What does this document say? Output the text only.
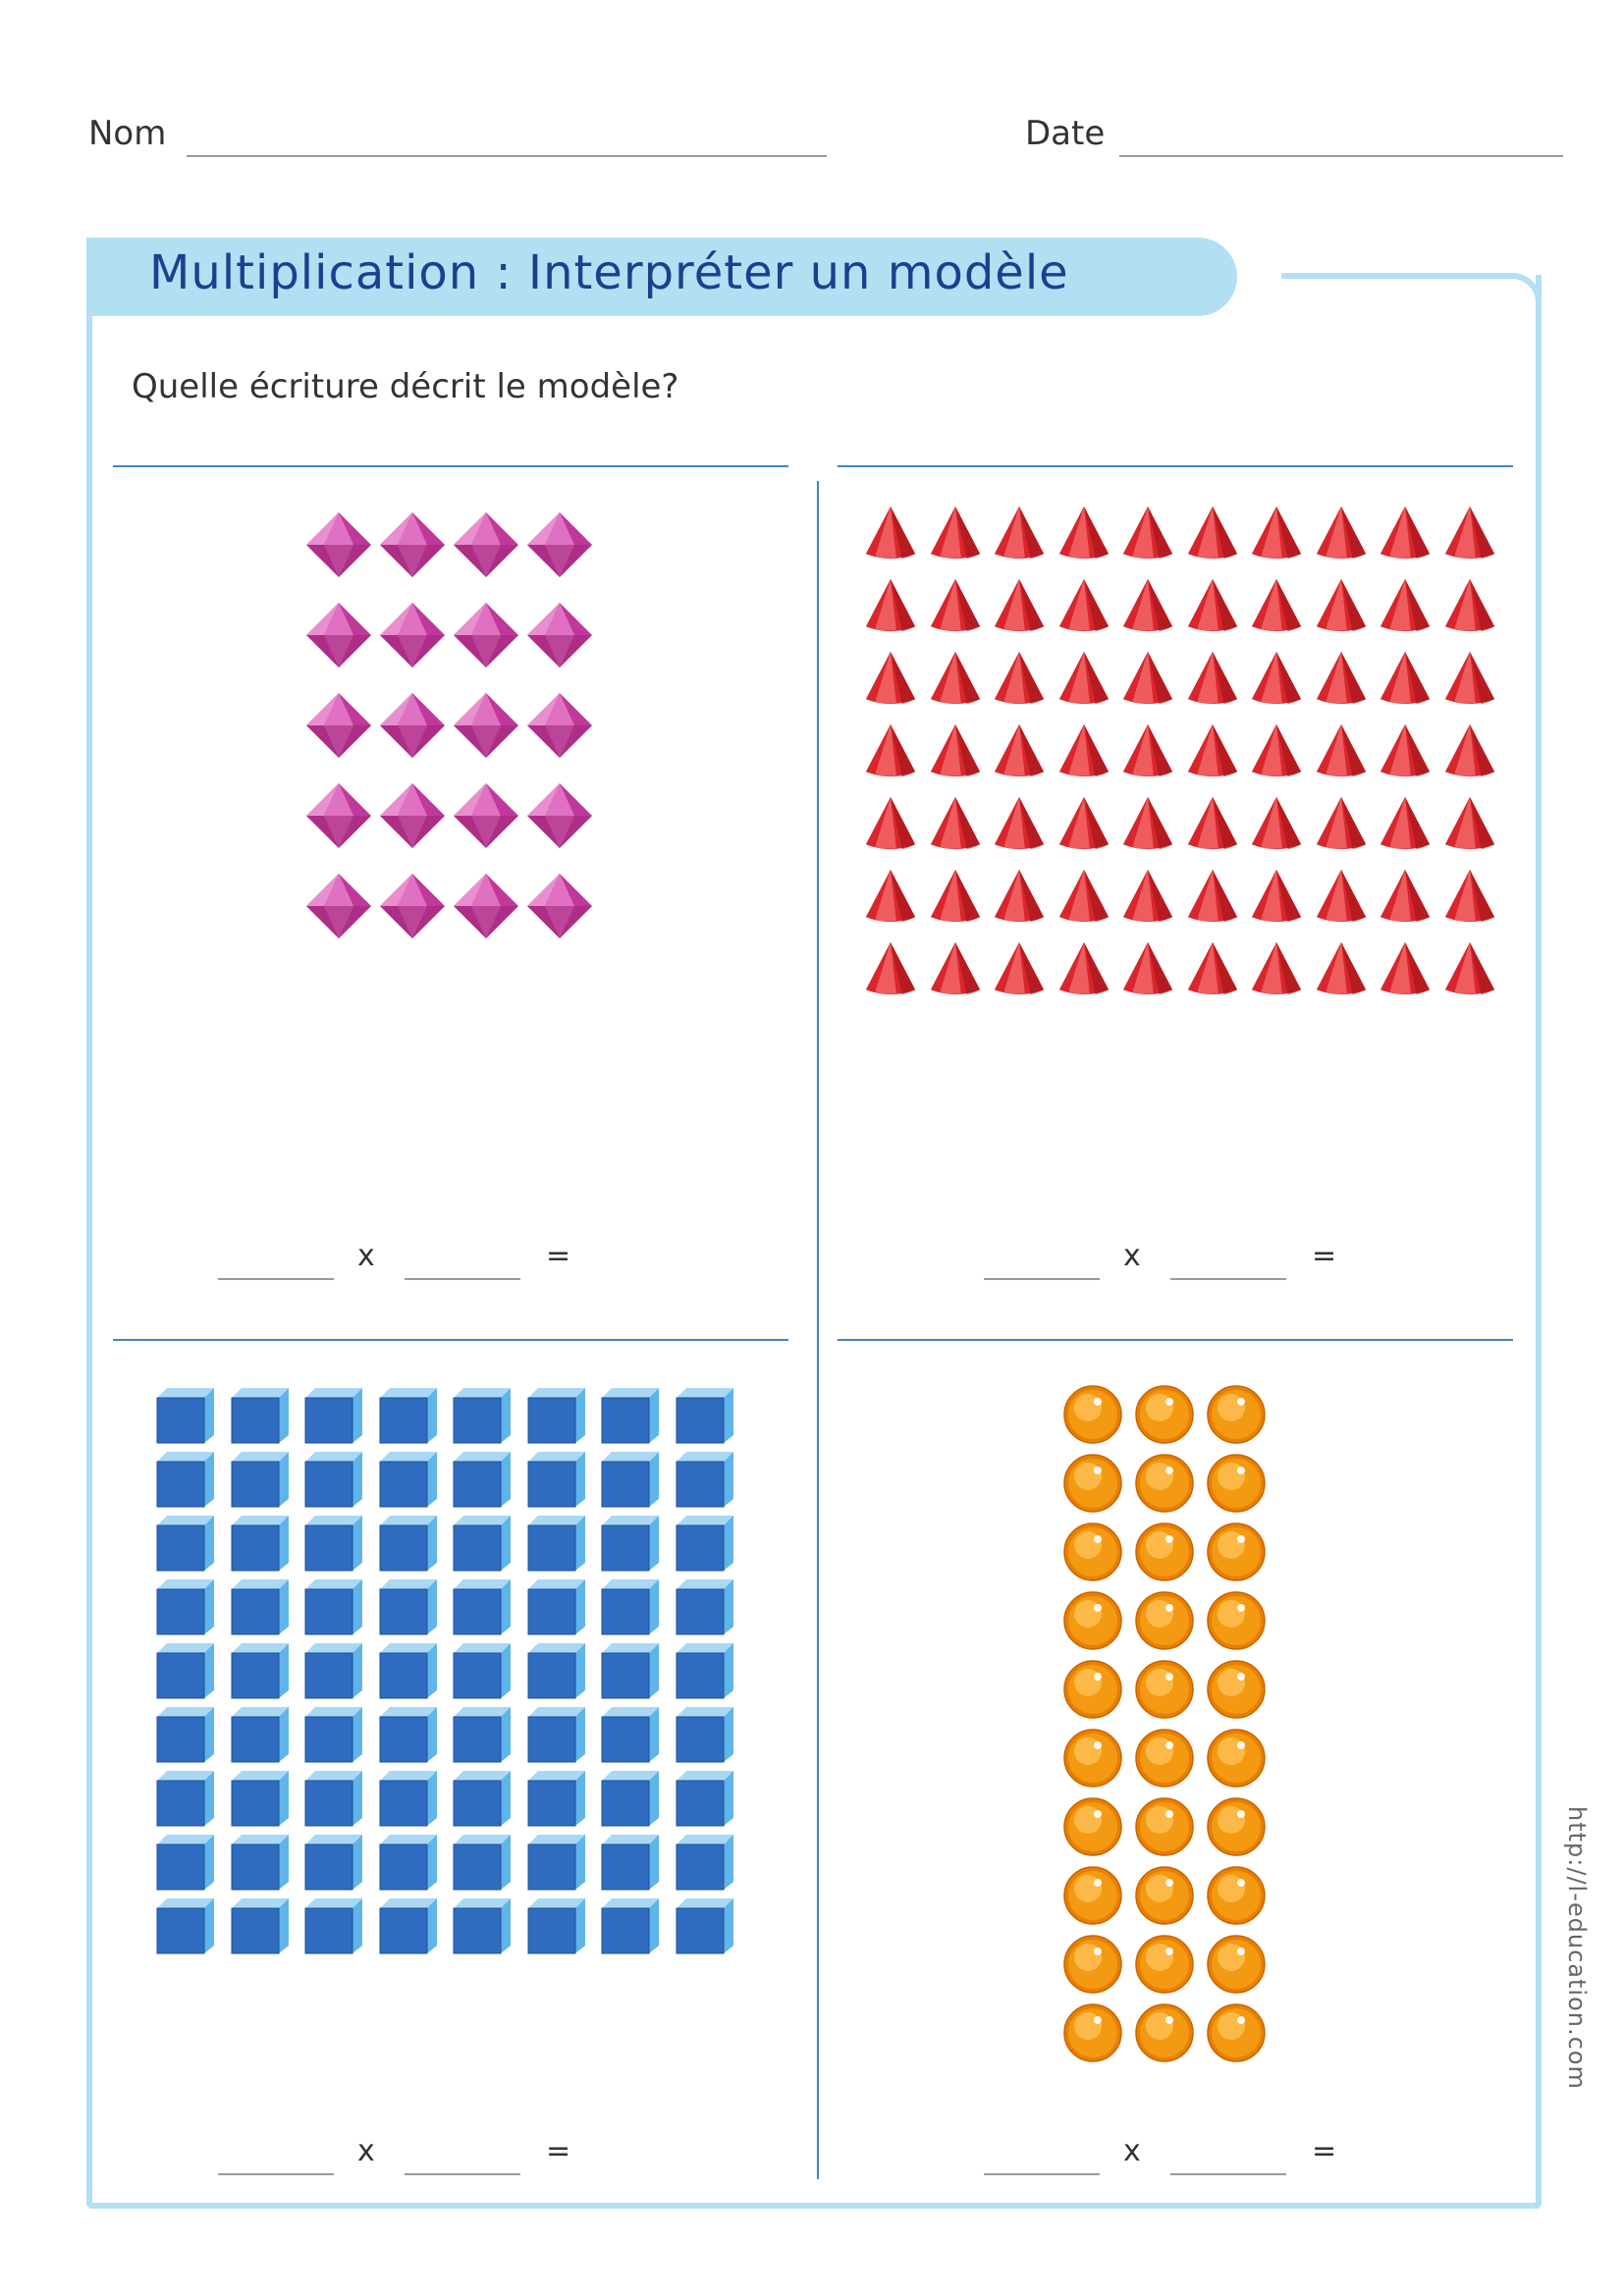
Nom	Date
Multiplication : Interpréter un modèle
Quelle écriture décrit le modèle?
x	=	x	=
x	=	x	=
http://l-education.com
